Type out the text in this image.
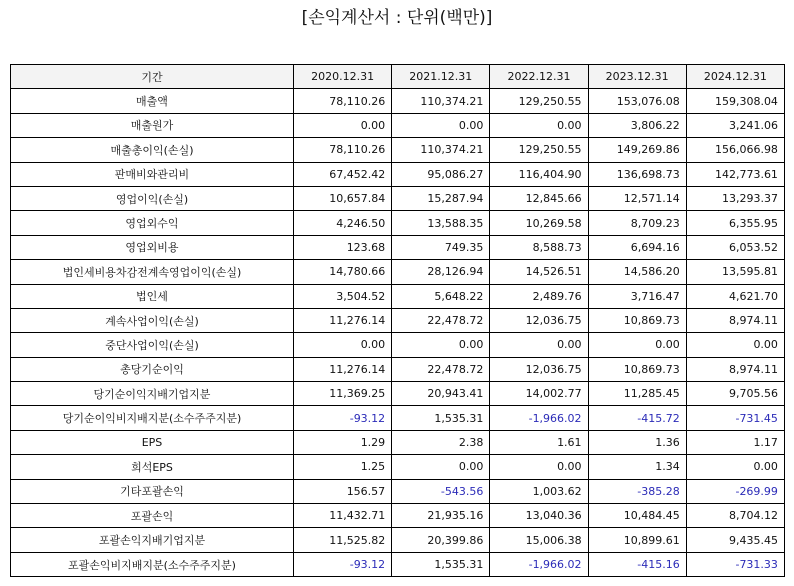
[손익계산서 : 단위(백만)]
기간	2020.12.31	2021.12.31	2022.12.31	2023.12.31	2024.12.31
매출액	78,110.26	110,374.21	129,250.55	153,076.08	159,308.04
매출원가	0.00	0.00	0.00	3,806.22	3,241.06
매출총이익(손실)	78,110.26	110,374.21	129,250.55	149,269.86	156,066.98
판매비와관리비	67,452.42	95,086.27	116,404.90	136,698.73	142,773.61
영업이익(손실)	10,657.84	15,287.94	12,845.66	12,571.14	13,293.37
영업외수익	4,246.50	13,588.35	10,269.58	8,709.23	6,355.95
영업외비용	123.68	749.35	8,588.73	6,694.16	6,053.52
법인세비용차감전계속영업이익(손실)	14,780.66	28,126.94	14,526.51	14,586.20	13,595.81
법인세	3,504.52	5,648.22	2,489.76	3,716.47	4,621.70
계속사업이익(손실)	11,276.14	22,478.72	12,036.75	10,869.73	8,974.11
중단사업이익(손실)	0.00	0.00	0.00	0.00	0.00
총당기순이익	11,276.14	22,478.72	12,036.75	10,869.73	8,974.11
당기순이익지배기업지분	11,369.25	20,943.41	14,002.77	11,285.45	9,705.56
당기순이익비지배지분(소수주주지분)	-93.12	1,535.31	-1,966.02	-415.72	-731.45
EPS	1.29	2.38	1.61	1.36	1.17
희석EPS	1.25	0.00	0.00	1.34	0.00
기타포괄손익	156.57	-543.56	1,003.62	-385.28	-269.99
포괄손익	11,432.71	21,935.16	13,040.36	10,484.45	8,704.12
포괄손익지배기업지분	11,525.82	20,399.86	15,006.38	10,899.61	9,435.45
포괄손익비지배지분(소수주주지분)	-93.12	1,535.31	-1,966.02	-415.16	-731.33
